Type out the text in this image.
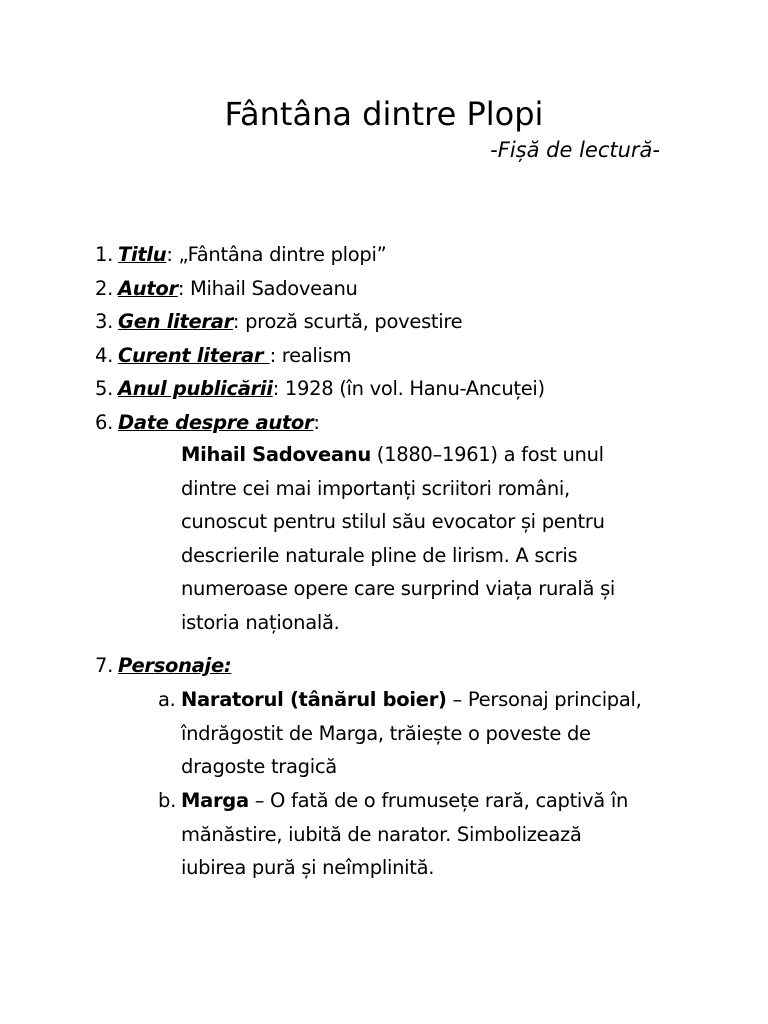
Fântâna dintre Plopi
-Fișă de lectură-
1. Titlu: „Fântâna dintre plopi”
2. Autor: Mihail Sadoveanu
3. Gen literar: proză scurtă, povestire
4. Curent literar : realism
5. Anul publicării: 1928 (în vol. Hanu-Ancuței)
6. Date despre autor:
Mihail Sadoveanu (1880–1961) a fost unul
dintre cei mai importanți scriitori români,
cunoscut pentru stilul său evocator și pentru
descrierile naturale pline de lirism. A scris
numeroase opere care surprind viața rurală și
istoria națională.
7. Personaje:
a. Naratorul (tânărul boier) – Personaj principal,
îndrăgostit de Marga, trăiește o poveste de
dragoste tragică
b. Marga – O fată de o frumusețe rară, captivă în
mănăstire, iubită de narator. Simbolizează
iubirea pură și neîmplinită.
